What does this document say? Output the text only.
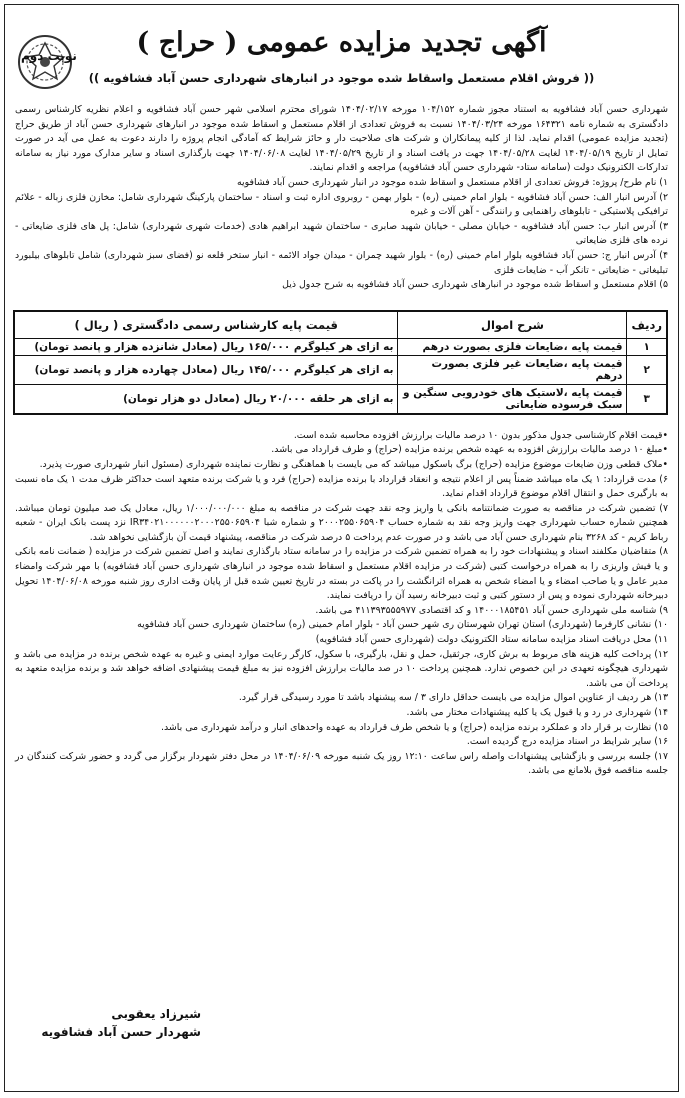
نوبت دوم	آگهی تجدید مزایده عمومی ( حراج )
(( فروش اقلام مستعمل واسقاط شده موجود در انبارهای شهرداری حسن آباد فشافویه ))
شهرداری حسن آباد فشافویه به استناد مجوز شماره ۱۰۴/۱۵۲ مورخه ۱۴۰۴/۰۲/۱۷ شورای محترم اسلامی شهر حسن آباد فشافویه و اعلام نظریه کارشناس رسمی دادگستری به شماره نامه ۱۶۴۳۲۱ مورخه ۱۴۰۴/۰۳/۲۴ نسبت به فروش تعدادی از اقلام مستعمل و اسقاط شده موجود در انبارهای شهرداری حسن آباد از طریق حراج (تجدید مزایده عمومی) اقدام نماید. لذا از کلیه پیمانکاران و شرکت های صلاحیت دار و حائز شرایط که آمادگی انجام پروژه را دارند دعوت به عمل می آید در صورت تمایل از تاریخ ۱۴۰۴/۰۵/۱۹ لغایت ۱۴۰۴/۰۵/۲۸ جهت در یافت اسناد و از تاریخ ۱۴۰۴/۰۵/۲۹ لغایت ۱۴۰۴/۰۶/۰۸ جهت بارگذاری اسناد و سایر مدارک مورد نیاز به سامانه تدارکات الکترونیک دولت (سامانه ستاد- شهرداری حسن آباد فشافویه) مراجعه و اقدام نمایند.
۱) نام طرح/ پروژه: فروش تعدادی از اقلام مستعمل و اسقاط شده موجود در انبار شهرداری حسن آباد فشافویه
۲) آدرس انبار الف: حسن آباد فشافویه - بلوار امام خمینی (ره) - بلوار بهمن - روبروی اداره ثبت و اسناد - ساختمان پارکینگ شهرداری شامل: مخازن فلزی زباله - علائم ترافیکی پلاستیکی - تابلوهای راهنمایی و رانندگی - آهن آلات و غیره
۳) آدرس انبار ب: حسن آباد فشافویه - خیابان مصلی - خیابان شهید صابری - ساختمان شهید ابراهیم هادی (خدمات شهری شهرداری) شامل: پل های فلزی ضایعاتی - نرده های فلزی ضایعاتی
۴) آدرس انبار ج: حسن آباد فشافویه بلوار امام خمینی (ره) - بلوار شهید چمران - میدان جواد الائمه - انبار ستخر قلعه نو (فضای سبز شهرداری) شامل تابلوهای بیلبورد تبلیغاتی - ضایعاتی - تانکر آب - ضایعات فلزی
۵) اقلام مستعمل و اسقاط شده موجود در انبارهای شهرداری حسن آباد فشافویه به شرح جدول ذیل
ردیف	شرح اموال	قیمت پایه کارشناس رسمی دادگستری ( ریال )
۱	قیمت پایه ،ضایعات فلزی بصورت درهم	به ازای هر کیلوگرم ۱۶۵/۰۰۰ ریال (معادل شانزده هزار و پانصد تومان)
۲	قیمت پایه ،ضایعات غیر فلزی بصورت درهم	به ازای هر کیلوگرم ۱۴۵/۰۰۰ ریال (معادل چهارده هزار و پانصد تومان)
۳	قیمت پایه ،لاستیک های خودرویی سنگین و سبک فرسوده ضایعاتی	به ازای هر حلقه ۲۰/۰۰۰ ریال (معادل دو هزار تومان)
•قیمت اقلام کارشناسی جدول مذکور بدون ۱۰ درصد مالیات برارزش افزوده محاسبه شده است.
•مبلغ ۱۰ درصد مالیات برارزش افزوده به عهده شخص برنده مزایده (حراج) و طرف قرارداد می باشد.
•ملاک قطعی وزن ضایعات موضوع مزایده (حراج) برگ باسکول میباشد که می بایست با هماهنگی و نظارت نماینده شهرداری (مسئول انبار شهرداری صورت پذیرد.
۶) مدت قرارداد: ۱ یک ماه میباشد ضمناً پس از اعلام نتیجه و انعقاد قرارداد با برنده مزایده (حراج) فرد و یا شرکت برنده متعهد است حداکثر ظرف مدت ۱ یک ماه نسبت به بارگیری حمل و انتقال اقلام موضوع قرارداد اقدام نماید.
۷) تضمین شرکت در مناقصه به صورت ضمانتنامه بانکی یا واریز وجه نقد جهت شرکت در مناقصه به مبلغ ۱/۰۰۰/۰۰۰/۰۰۰ ریال، معادل یک صد میلیون تومان میباشد. همچنین شماره حساب شهرداری جهت واریز وجه نقد به شماره حساب ۲۰۰۰۲۵۵۰۶۵۹۰۴ و شماره شبا IR۳۴۰۲۱۰۰۰۰۰۰۲۰۰۰۲۵۵۰۶۵۹۰۴ نزد پست بانک ایران - شعبه رباط کریم - کد ۳۲۶۸ بنام شهرداری حسن آباد می باشد و در صورت عدم پرداخت ۵ درصد شرکت در مناقصه، پیشنهاد قیمت آن بازگشایی نخواهد شد.
۸) متقاضیان مکلفند اسناد و پیشنهادات خود را به همراه تضمین شرکت در مزایده را در سامانه ستاد بارگذاری نمایند و اصل تضمین شرکت در مزایده ( ضمانت نامه بانکی و یا فیش واریزی را به همراه درخواست کتبی (شرکت در مزایده اقلام مستعمل و اسقاط شده موجود در انبارهای شهرداری حسن آباد فشافویه) با مهر شرکت وامضاء مدیر عامل و یا صاحب امضاء و یا امضاء شخص به همراه اثرانگشت را در پاکت در بسته در تاریخ تعیین شده قبل از پایان وقت اداری روز شنبه مورخه ۱۴۰۴/۰۶/۰۸ تحویل دبیرخانه شهرداری نموده و پس از دستور کتبی و ثبت دبیرخانه رسید آن را دریافت نمایند.
۹) شناسه ملی شهرداری حسن آباد ۱۴۰۰۰۱۸۵۴۵۱ و کد اقتصادی ۴۱۱۳۹۳۵۵۵۹۷۷ می باشد.
۱۰) نشانی کارفرما (شهرداری) استان تهران شهرستان ری شهر حسن آباد - بلوار امام خمینی (ره) ساختمان شهرداری حسن آباد فشافویه
۱۱) محل دریافت اسناد مزایده سامانه ستاد الکترونیک دولت (شهرداری حسن آباد فشافویه)
۱۲) پرداخت کلیه هزینه های مربوط به برش کاری، جرثقیل، حمل و نقل، بارگیری، با سکول، کارگر رعایت موارد ایمنی و غیره به عهده شخص برنده در مزایده می باشد و شهرداری هیچگونه تعهدی در این خصوص ندارد. همچنین پرداخت ۱۰ در صد مالیات برارزش افزوده نیز به مبلغ قیمت پیشنهادی اضافه خواهد شد و برنده مزایده متعهد به پرداخت آن می باشد.
۱۳) هر ردیف از عناوین اموال مزایده می بایست حداقل دارای ۳ / سه پیشنهاد باشد تا مورد رسیدگی قرار گیرد.
۱۴) شهرداری در رد و یا قبول یک یا کلیه پیشنهادات مختار می باشد.
۱۵) نظارت بر قرار داد و عملکرد برنده مزایده (حراج) و یا شخص طرف قرارداد به عهده واحدهای انبار و درآمد شهرداری می باشد.
۱۶) سایر شرایط در اسناد مزایده درج گردیده است.
۱۷) جلسه بررسی و بازگشایی پیشنهادات واصله راس ساعت ۱۲:۱۰ روز یک شنبه مورخه ۱۴۰۴/۰۶/۰۹ در محل دفتر شهردار برگزار می گردد و حضور شرکت کنندگان در جلسه مناقصه فوق بلامانع می باشد.
شیرزاد یعقوبی
شهردار حسن آباد فشافویه
